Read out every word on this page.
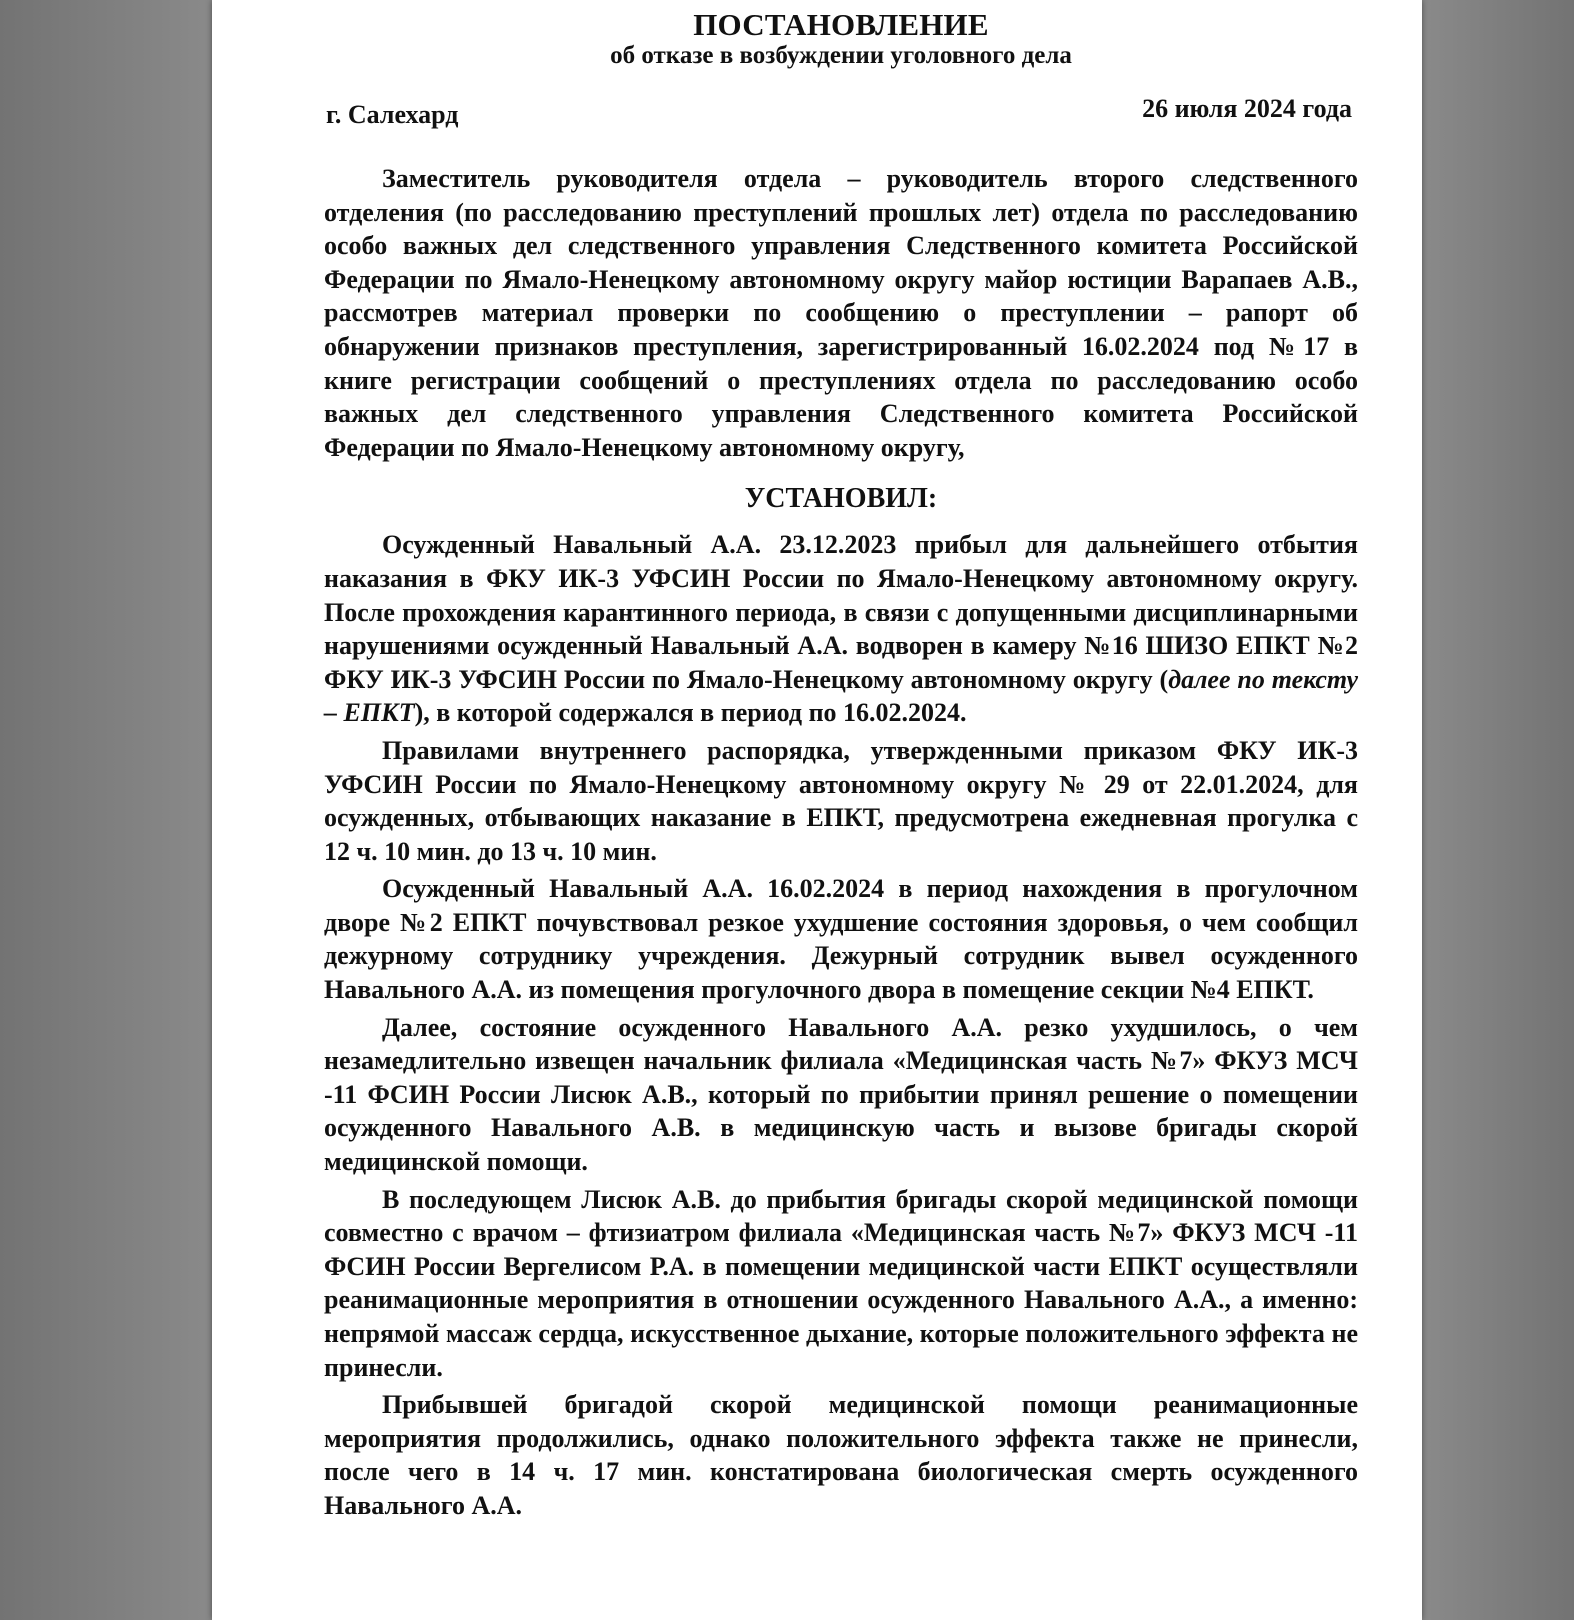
ПОСТАНОВЛЕНИЕ
об отказе в возбуждении уголовного дела
г. Салехард	26 июля 2024 года

Заместитель руководителя отдела – руководитель второго следственного отделения (по расследованию преступлений прошлых лет) отдела по расследованию особо важных дел следственного управления Следственного комитета Российской Федерации по Ямало-Ненецкому автономному округу майор юстиции Варапаев А.В., рассмотрев материал проверки по сообщению о преступлении – рапорт об обнаружении признаков преступления, зарегистрированный 16.02.2024 под №17 в книге регистрации сообщений о преступлениях отдела по расследованию особо важных дел следственного управления Следственного комитета Российской Федерации по Ямало-Ненецкому автономному округу,

УСТАНОВИЛ:

Осужденный Навальный А.А. 23.12.2023 прибыл для дальнейшего отбытия наказания в ФКУ ИК-3 УФСИН России по Ямало-Ненецкому автономному округу. После прохождения карантинного периода, в связи с допущенными дисциплинарными нарушениями осужденный Навальный А.А. водворен в камеру №16 ШИЗО ЕПКТ №2 ФКУ ИК-3 УФСИН России по Ямало-Ненецкому автономному округу (далее по тексту – ЕПКТ), в которой содержался в период по 16.02.2024.

Правилами внутреннего распорядка, утвержденными приказом ФКУ ИК-3 УФСИН России по Ямало-Ненецкому автономному округу № 29 от 22.01.2024, для осужденных, отбывающих наказание в ЕПКТ, предусмотрена ежедневная прогулка с 12 ч. 10 мин. до 13 ч. 10 мин.

Осужденный Навальный А.А. 16.02.2024 в период нахождения в прогулочном дворе №2 ЕПКТ почувствовал резкое ухудшение состояния здоровья, о чем сообщил дежурному сотруднику учреждения. Дежурный сотрудник вывел осужденного Навального А.А. из помещения прогулочного двора в помещение секции №4 ЕПКТ.

Далее, состояние осужденного Навального А.А. резко ухудшилось, о чем незамедлительно извещен начальник филиала «Медицинская часть №7» ФКУЗ МСЧ -11 ФСИН России Лисюк А.В., который по прибытии принял решение о помещении осужденного Навального А.В. в медицинскую часть и вызове бригады скорой медицинской помощи.

В последующем Лисюк А.В. до прибытия бригады скорой медицинской помощи совместно с врачом – фтизиатром филиала «Медицинская часть №7» ФКУЗ МСЧ -11 ФСИН России Вергелисом Р.А. в помещении медицинской части ЕПКТ осуществляли реанимационные мероприятия в отношении осужденного Навального А.А., а именно: непрямой массаж сердца, искусственное дыхание, которые положительного эффекта не принесли.

Прибывшей бригадой скорой медицинской помощи реанимационные мероприятия продолжились, однако положительного эффекта также не принесли, после чего в 14 ч. 17 мин. констатирована биологическая смерть осужденного Навального А.А.
